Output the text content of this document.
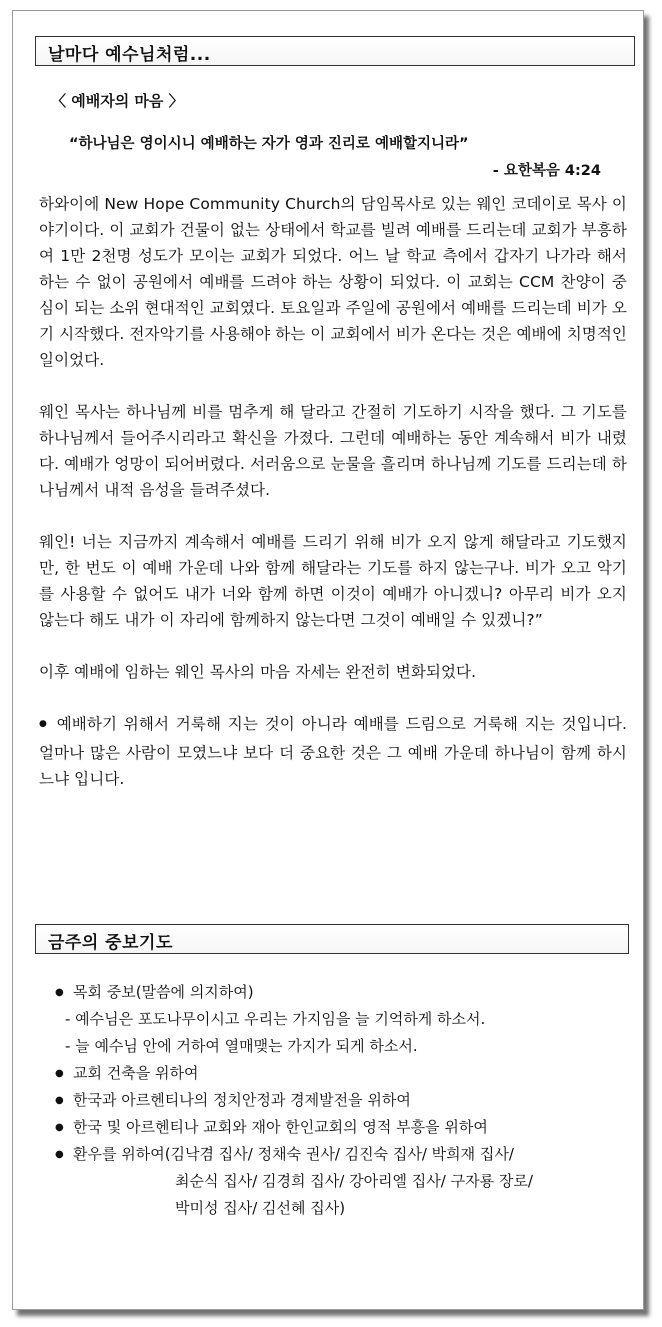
날마다 예수님처럼...
〈 예배자의 마음 〉
“하나님은 영이시니 예배하는 자가 영과 진리로 예배할지니라”
- 요한복음 4:24

하와이에 New Hope Community Church의 담임목사로 있는 웨인 코데이로 목사 이야기이다. 이 교회가 건물이 없는 상태에서 학교를 빌려 예배를 드리는데 교회가 부흥하여 1만 2천명 성도가 모이는 교회가 되었다. 어느 날 학교 측에서 갑자기 나가라 해서 하는 수 없이 공원에서 예배를 드려야 하는 상황이 되었다. 이 교회는 CCM 찬양이 중심이 되는 소위 현대적인 교회였다. 토요일과 주일에 공원에서 예배를 드리는데 비가 오기 시작했다. 전자악기를 사용해야 하는 이 교회에서 비가 온다는 것은 예배에 치명적인 일이었다.

웨인 목사는 하나님께 비를 멈추게 해 달라고 간절히 기도하기 시작을 했다. 그 기도를 하나님께서 들어주시리라고 확신을 가졌다. 그런데 예배하는 동안 계속해서 비가 내렸다. 예배가 엉망이 되어버렸다. 서러움으로 눈물을 흘리며 하나님께 기도를 드리는데 하나님께서 내적 음성을 들려주셨다.

웨인! 너는 지금까지 계속해서 예배를 드리기 위해 비가 오지 않게 해달라고 기도했지만, 한 번도 이 예배 가운데 나와 함께 해달라는 기도를 하지 않는구나. 비가 오고 악기를 사용할 수 없어도 내가 너와 함께 하면 이것이 예배가 아니겠니? 아무리 비가 오지 않는다 해도 내가 이 자리에 함께하지 않는다면 그것이 예배일 수 있겠니?”

이후 예배에 임하는 웨인 목사의 마음 자세는 완전히 변화되었다.

● 예배하기 위해서 거룩해 지는 것이 아니라 예배를 드림으로 거룩해 지는 것입니다. 얼마나 많은 사람이 모였느냐 보다 더 중요한 것은 그 예배 가운데 하나님이 함께 하시느냐 입니다.

금주의 중보기도
● 목회 중보(말씀에 의지하여)
- 예수님은 포도나무이시고 우리는 가지임을 늘 기억하게 하소서.
- 늘 예수님 안에 거하여 열매맺는 가지가 되게 하소서.
● 교회 건축을 위하여
● 한국과 아르헨티나의 정치안정과 경제발전을 위하여
● 한국 및 아르헨티나 교회와 재아 한인교회의 영적 부흥을 위하여
● 환우를 위하여(김낙겸 집사/ 정채숙 권사/ 김진숙 집사/ 박희재 집사/
최순식 집사/ 김경희 집사/ 강아리엘 집사/ 구자룡 장로/
박미성 집사/ 김선혜 집사)
